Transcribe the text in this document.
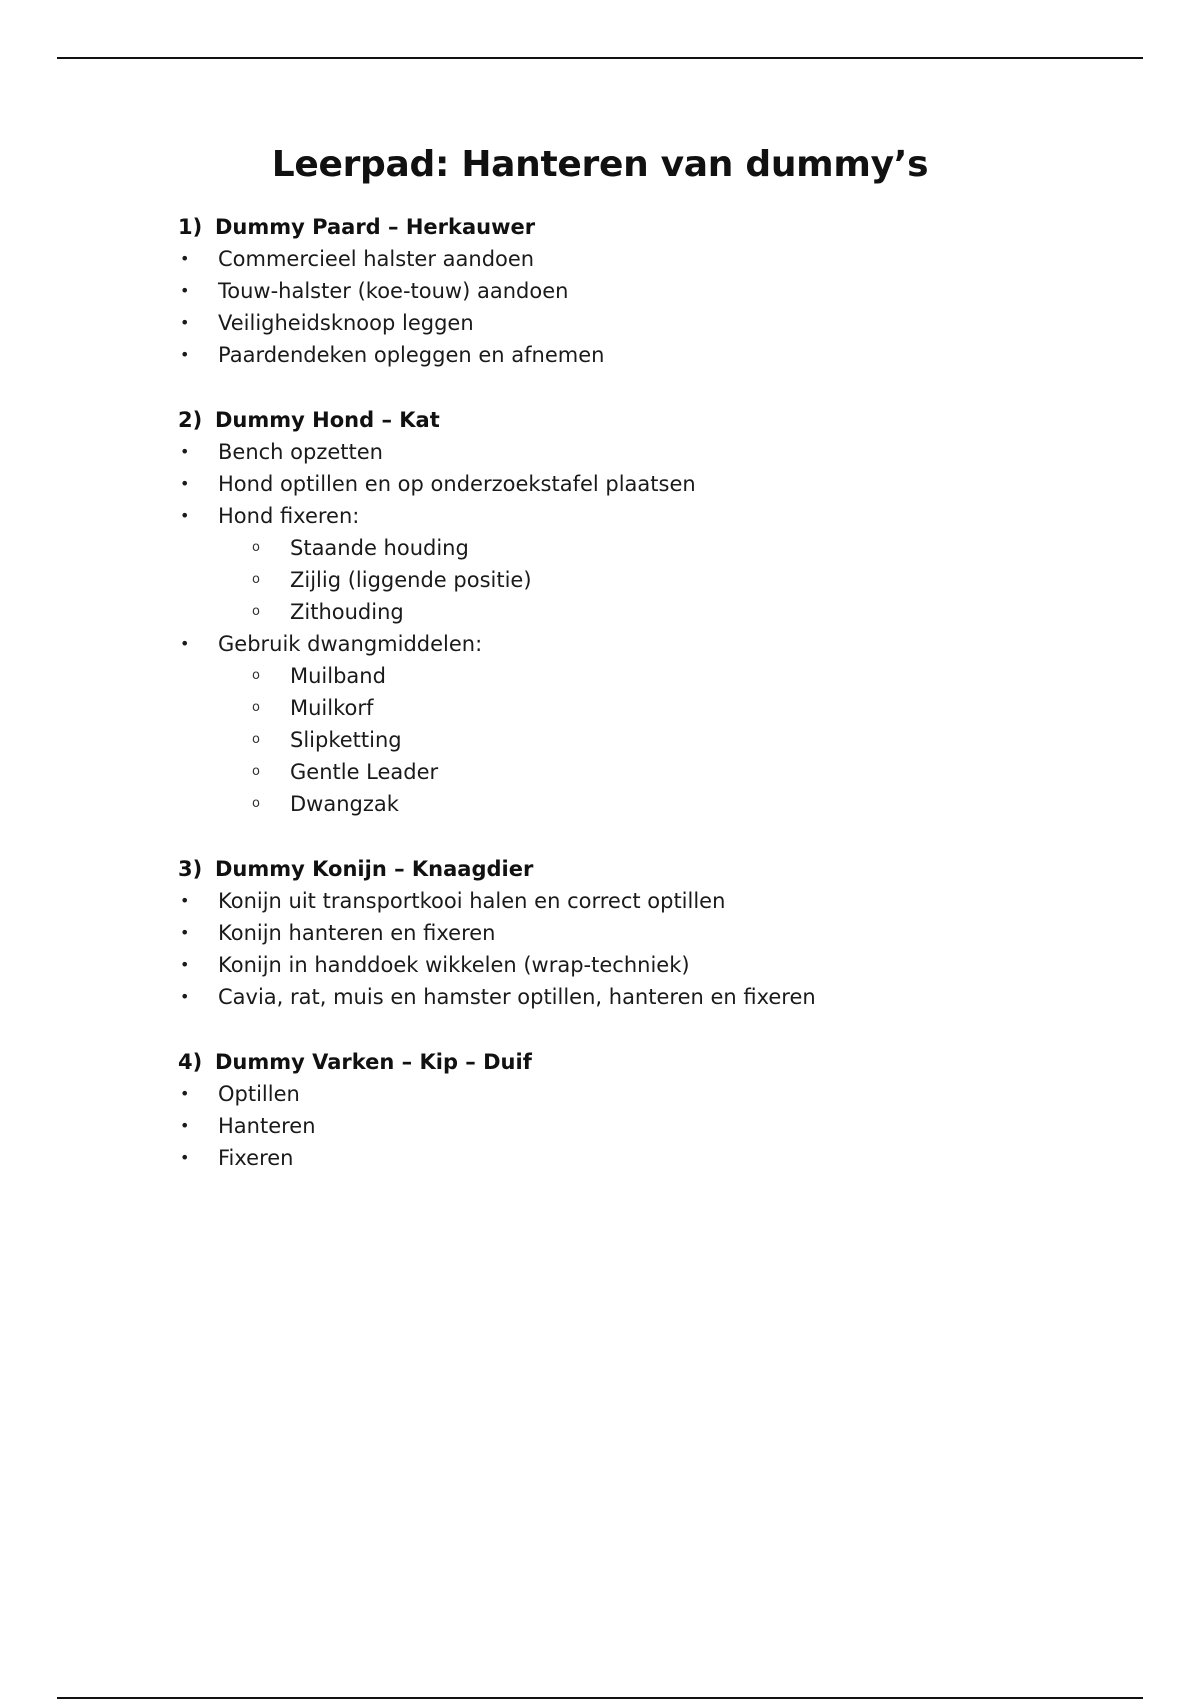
Leerpad: Hanteren van dummy’s
1) Dummy Paard – Herkauwer
•	Commercieel halster aandoen
•	Touw-halster (koe-touw) aandoen
•	Veiligheidsknoop leggen
•	Paardendeken opleggen en afnemen
2) Dummy Hond – Kat
•	Bench opzetten
•	Hond optillen en op onderzoekstafel plaatsen
•	Hond fixeren:
o	Staande houding
o	Zijlig (liggende positie)
o	Zithouding
•	Gebruik dwangmiddelen:
o	Muilband
o	Muilkorf
o	Slipketting
o	Gentle Leader
o	Dwangzak
3) Dummy Konijn – Knaagdier
•	Konijn uit transportkooi halen en correct optillen
•	Konijn hanteren en fixeren
•	Konijn in handdoek wikkelen (wrap-techniek)
•	Cavia, rat, muis en hamster optillen, hanteren en fixeren
4) Dummy Varken – Kip – Duif
•	Optillen
•	Hanteren
•	Fixeren
